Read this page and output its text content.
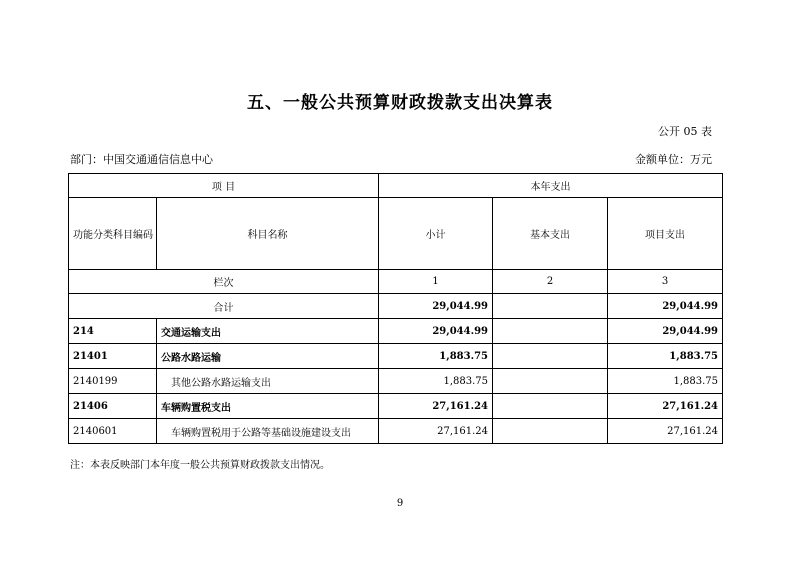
五、一般公共预算财政拨款支出决算表
公开 05 表
部门：中国交通通信信息中心	金额单位：万元
项 目		本年支出		
功能分类科目编码	科目名称	小计	基本支出	项目支出
栏次		1	2	3
合计		29,044.99		29,044.99
214	交通运输支出	29,044.99		29,044.99
21401	公路水路运输	1,883.75		1,883.75
2140199	其他公路水路运输支出	1,883.75		1,883.75
21406	车辆购置税支出	27,161.24		27,161.24
2140601	车辆购置税用于公路等基础设施建设支出	27,161.24		27,161.24
注：本表反映部门本年度一般公共预算财政拨款支出情况。
9
